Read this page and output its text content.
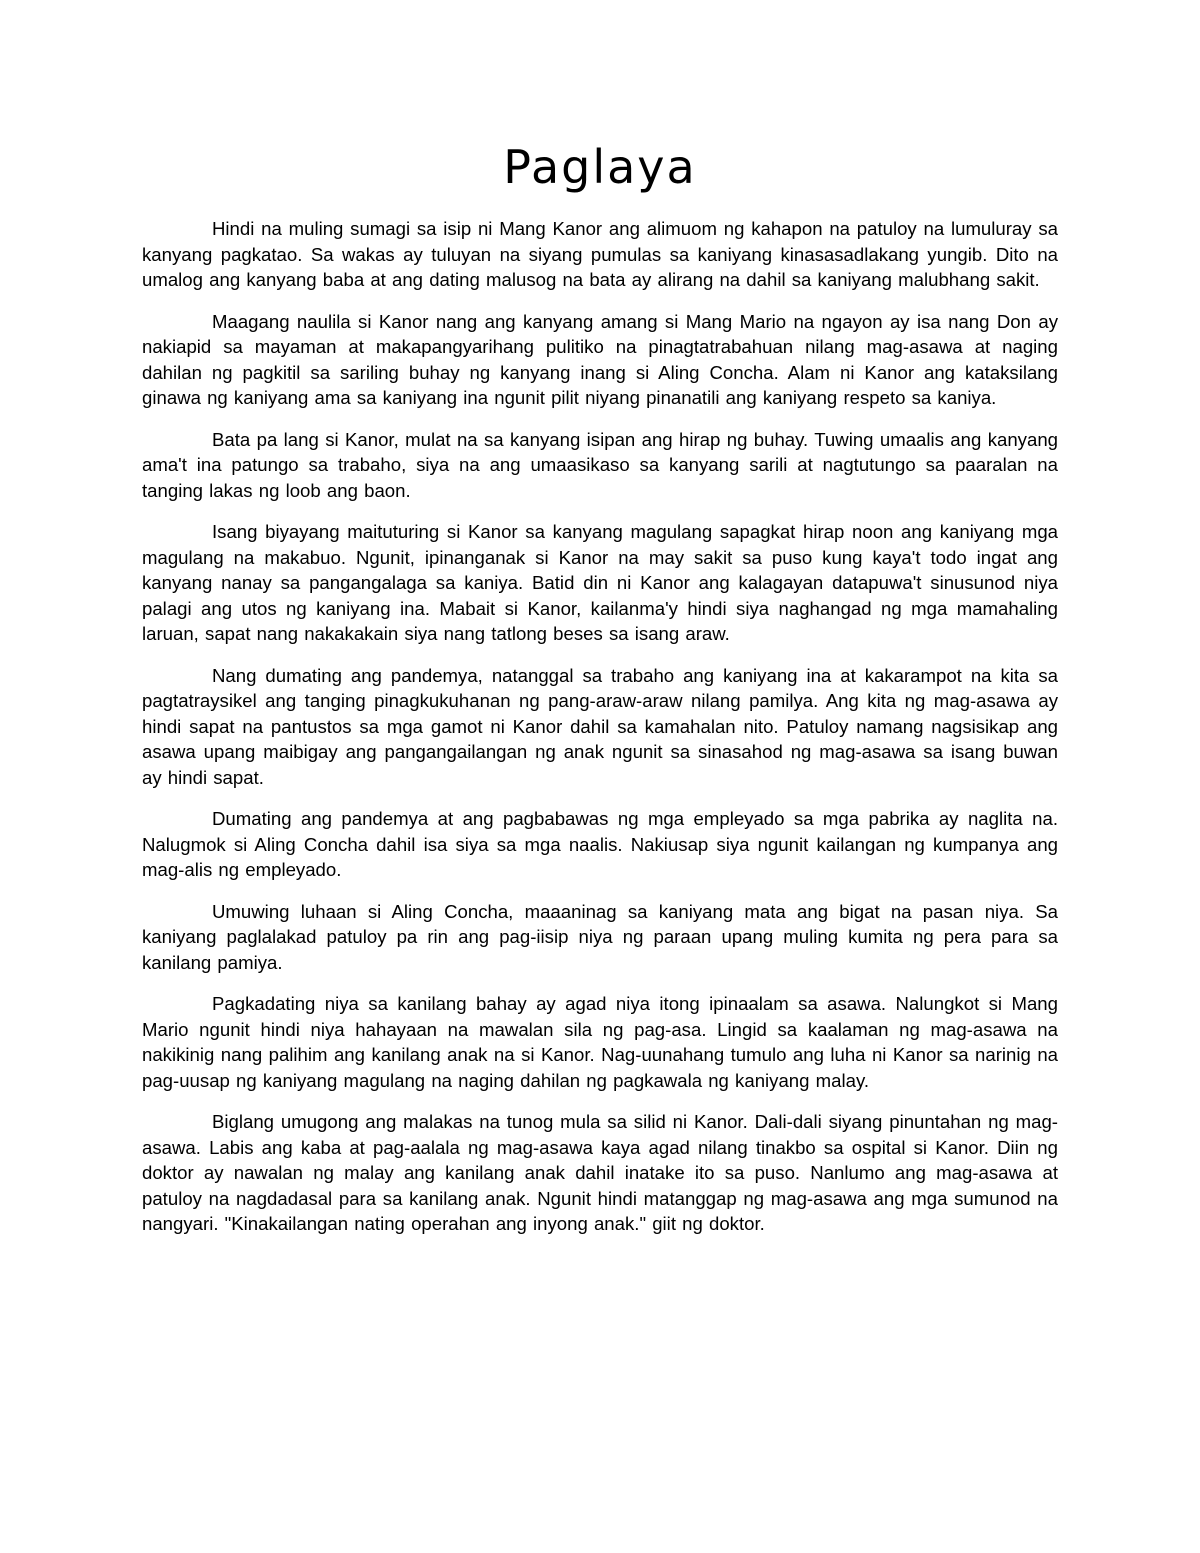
Paglaya

Hindi na muling sumagi sa isip ni Mang Kanor ang alimuom ng kahapon na patuloy na lumuluray sa kanyang pagkatao. Sa wakas ay tuluyan na siyang pumulas sa kaniyang kinasasadlakang yungib. Dito na umalog ang kanyang baba at ang dating malusog na bata ay alirang na dahil sa kaniyang malubhang sakit.

Maagang naulila si Kanor nang ang kanyang amang si Mang Mario na ngayon ay isa nang Don ay nakiapid sa mayaman at makapangyarihang pulitiko na pinagtatrabahuan nilang mag-asawa at naging dahilan ng pagkitil sa sariling buhay ng kanyang inang si Aling Concha. Alam ni Kanor ang kataksilang ginawa ng kaniyang ama sa kaniyang ina ngunit pilit niyang pinanatili ang kaniyang respeto sa kaniya.

Bata pa lang si Kanor, mulat na sa kanyang isipan ang hirap ng buhay. Tuwing umaalis ang kanyang ama't ina patungo sa trabaho, siya na ang umaasikaso sa kanyang sarili at nagtutungo sa paaralan na tanging lakas ng loob ang baon.

Isang biyayang maituturing si Kanor sa kanyang magulang sapagkat hirap noon ang kaniyang mga magulang na makabuo. Ngunit, ipinanganak si Kanor na may sakit sa puso kung kaya't todo ingat ang kanyang nanay sa pangangalaga sa kaniya. Batid din ni Kanor ang kalagayan datapuwa't sinusunod niya palagi ang utos ng kaniyang ina. Mabait si Kanor, kailanma'y hindi siya naghangad ng mga mamahaling laruan, sapat nang nakakakain siya nang tatlong beses sa isang araw.

Nang dumating ang pandemya, natanggal sa trabaho ang kaniyang ina at kakarampot na kita sa pagtatraysikel ang tanging pinagkukuhanan ng pang-araw-araw nilang pamilya. Ang kita ng mag-asawa ay hindi sapat na pantustos sa mga gamot ni Kanor dahil sa kamahalan nito. Patuloy namang nagsisikap ang asawa upang maibigay ang pangangailangan ng anak ngunit sa sinasahod ng mag-asawa sa isang buwan ay hindi sapat.

Dumating ang pandemya at ang pagbabawas ng mga empleyado sa mga pabrika ay naglita na. Nalugmok si Aling Concha dahil isa siya sa mga naalis. Nakiusap siya ngunit kailangan ng kumpanya ang mag-alis ng empleyado.

Umuwing luhaan si Aling Concha, maaaninag sa kaniyang mata ang bigat na pasan niya. Sa kaniyang paglalakad patuloy pa rin ang pag-iisip niya ng paraan upang muling kumita ng pera para sa kanilang pamiya.

Pagkadating niya sa kanilang bahay ay agad niya itong ipinaalam sa asawa. Nalungkot si Mang Mario ngunit hindi niya hahayaan na mawalan sila ng pag-asa. Lingid sa kaalaman ng mag-asawa na nakikinig nang palihim ang kanilang anak na si Kanor. Nag-uunahang tumulo ang luha ni Kanor sa narinig na pag-uusap ng kaniyang magulang na naging dahilan ng pagkawala ng kaniyang malay.

Biglang umugong ang malakas na tunog mula sa silid ni Kanor. Dali-dali siyang pinuntahan ng mag-asawa. Labis ang kaba at pag-aalala ng mag-asawa kaya agad nilang tinakbo sa ospital si Kanor. Diin ng doktor ay nawalan ng malay ang kanilang anak dahil inatake ito sa puso. Nanlumo ang mag-asawa at patuloy na nagdadasal para sa kanilang anak. Ngunit hindi matanggap ng mag-asawa ang mga sumunod na nangyari. "Kinakailangan nating operahan ang inyong anak." giit ng doktor.
